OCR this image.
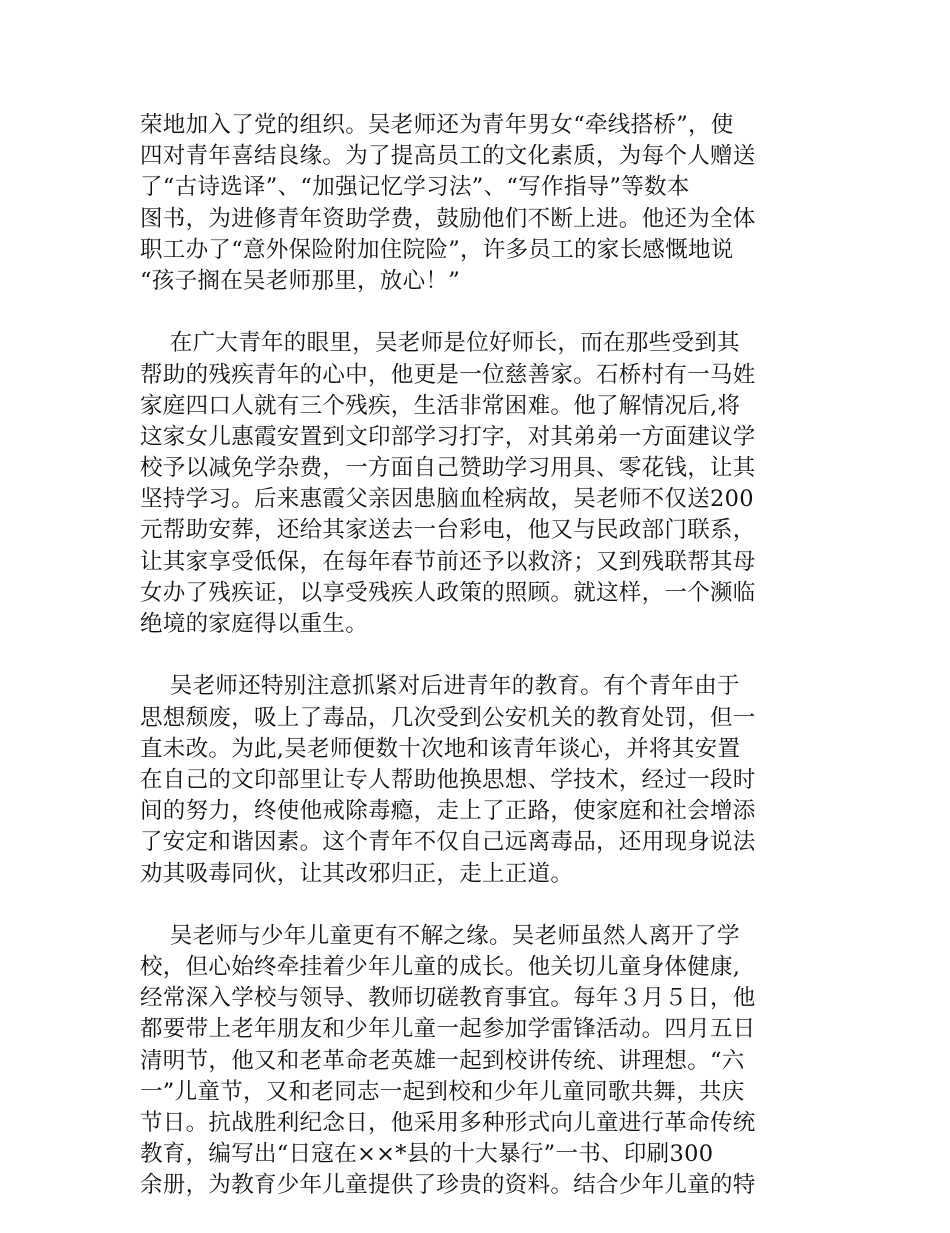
荣地加入了党的组织。吴老师还为青年男女“牵线搭桥”，使
四对青年喜结良缘。为了提高员工的文化素质，为每个人赠送
了“古诗选译”、“加强记忆学习法”、“写作指导”等数本
图书，为进修青年资助学费，鼓励他们不断上进。他还为全体
职工办了“意外保险附加住院险”，许多员工的家长感慨地说
“孩子搁在吴老师那里，放心！”
在广大青年的眼里，吴老师是位好师长，而在那些受到其
帮助的残疾青年的心中，他更是一位慈善家。石桥村有一马姓
家庭四口人就有三个残疾，生活非常困难。他了解情况后,将
这家女儿惠霞安置到文印部学习打字，对其弟弟一方面建议学
校予以减免学杂费，一方面自己赞助学习用具、零花钱，让其
坚持学习。后来惠霞父亲因患脑血栓病故，吴老师不仅送200
元帮助安葬，还给其家送去一台彩电，他又与民政部门联系，
让其家享受低保，在每年春节前还予以救济；又到残联帮其母
女办了残疾证，以享受残疾人政策的照顾。就这样，一个濒临
绝境的家庭得以重生。
吴老师还特别注意抓紧对后进青年的教育。有个青年由于
思想颓废，吸上了毒品，几次受到公安机关的教育处罚，但一
直未改。为此,吴老师便数十次地和该青年谈心，并将其安置
在自己的文印部里让专人帮助他换思想、学技术，经过一段时
间的努力，终使他戒除毒瘾，走上了正路，使家庭和社会增添
了安定和谐因素。这个青年不仅自己远离毒品，还用现身说法
劝其吸毒同伙，让其改邪归正，走上正道。
吴老师与少年儿童更有不解之缘。吴老师虽然人离开了学
校，但心始终牵挂着少年儿童的成长。他关切儿童身体健康,
经常深入学校与领导、教师切磋教育事宜。每年３月５日，他
都要带上老年朋友和少年儿童一起参加学雷锋活动。四月五日
清明节，他又和老革命老英雄一起到校讲传统、讲理想。“六
一”儿童节，又和老同志一起到校和少年儿童同歌共舞，共庆
节日。抗战胜利纪念日，他采用多种形式向儿童进行革命传统
教育，编写出“日寇在××*县的十大暴行”一书、印刷300
余册，为教育少年儿童提供了珍贵的资料。结合少年儿童的特
